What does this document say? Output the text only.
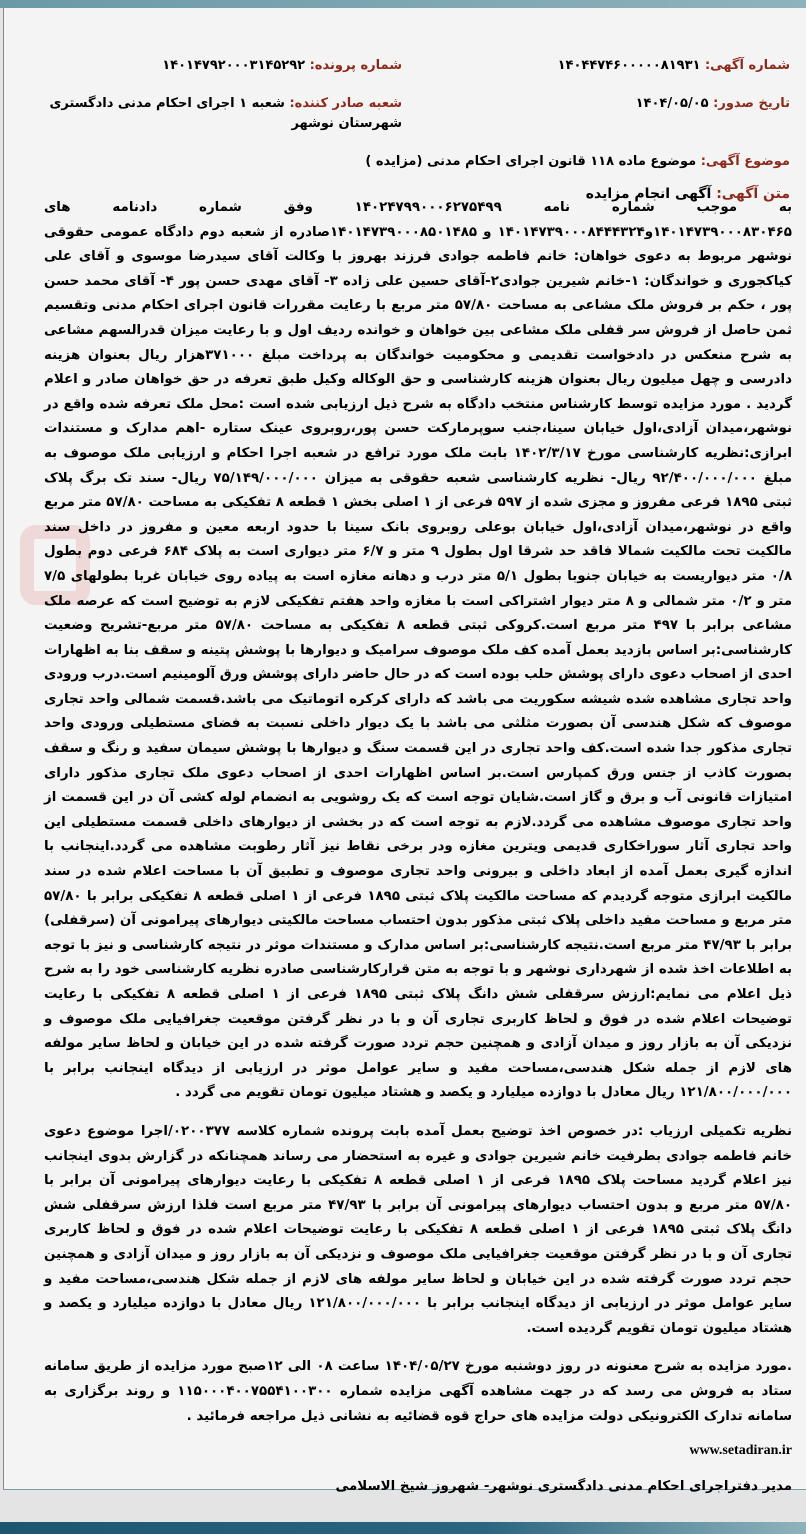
شماره آگهی: ۱۴۰۴۴۷۴۶۰۰۰۰۰۸۱۹۳۱
شماره پرونده: ۱۴۰۱۴۷۹۲۰۰۰۳۱۴۵۲۹۲
تاریخ صدور: ۱۴۰۴/۰۵/۰۵
شعبه صادر کننده: شعبه ۱ اجرای احکام مدنی دادگستری شهرستان نوشهر
موضوع آگهی: موضوع ماده ۱۱۸ قانون اجرای احکام مدنی (مزایده )
متن آگهی: آگهی انجام مزایده

به موجب شماره نامه ۱۴۰۲۴۷۹۹۰۰۰۶۲۷۵۴۹۹ وفق شماره دادنامه های ۱۴۰۱۴۷۳۹۰۰۰۸۳۰۴۶۵و۱۴۰۱۴۷۳۹۰۰۰۸۴۴۴۳۲۴ و ۱۴۰۱۴۷۳۹۰۰۰۸۵۰۱۴۸۵صادره از شعبه دوم دادگاه عمومی حقوقی نوشهر مربوط به دعوی خواهان: خانم فاطمه جوادی فرزند بهروز با وکالت آقای سیدرضا موسوی و آقای علی کیاکجوری و خواندگان: ۱-خانم شیرین جوادی۲-آقای حسین علی زاده ۳- آقای مهدی حسن پور ۴- آقای محمد حسن پور ، حکم بر فروش ملک مشاعی به مساحت ۵۷/۸۰ متر مربع با رعایت مقررات قانون اجرای احکام مدنی وتقسیم ثمن حاصل از فروش سر قفلی ملک مشاعی بین خواهان و خوانده ردیف اول و با رعایت میزان قدرالسهم مشاعی به شرح منعکس در دادخواست تقدیمی و محکومیت خواندگان به پرداخت مبلغ ۳۷۱۰۰۰هزار ریال بعنوان هزینه دادرسی و چهل میلیون ریال بعنوان هزینه کارشناسی و حق الوکاله وکیل طبق تعرفه در حق خواهان صادر و اعلام گردید . مورد مزایده توسط کارشناس منتخب دادگاه به شرح ذیل ارزیابی شده است :محل ملک تعرفه شده واقع در نوشهر،میدان آزادی،اول خیابان سینا،جنب سوپرمارکت حسن پور،روبروی عینک ستاره -اهم مدارک و مستندات ابرازی:نظریه کارشناسی مورخ ۱۴۰۲/۳/۱۷ بابت ملک مورد ترافع در شعبه اجرا احکام و ارزیابی ملک موصوف به مبلغ ۹۲/۴۰۰/۰۰۰/۰۰۰ ریال- نظریه کارشناسی شعبه حقوقی به میزان ۷۵/۱۴۹/۰۰۰/۰۰۰ ریال- سند تک برگ پلاک ثبتی ۱۸۹۵ فرعی مفروز و مجزی شده از ۵۹۷ فرعی از ۱ اصلی بخش ۱ قطعه ۸ تفکیکی به مساحت ۵۷/۸۰ متر مربع واقع در نوشهر،میدان آزادی،اول خیابان بوعلی روبروی بانک سینا با حدود اربعه معین و مفروز در داخل سند مالکیت تحت مالکیت شمالا فاقد حد شرقا اول بطول ۹ متر و ۶/۷ متر دیواری است به پلاک ۶۸۴ فرعی دوم بطول ۰/۸ متر دیواریست به خیابان جنوبا بطول ۵/۱ متر درب و دهانه مغازه است به پیاده روی خیابان غربا بطولهای ۷/۵ متر و ۰/۲ متر شمالی و ۸ متر دیوار اشتراکی است با مغازه واحد هفتم تفکیکی لازم به توضیح است که عرصه ملک مشاعی برابر با ۴۹۷ متر مربع است.کروکی ثبتی قطعه ۸ تفکیکی به مساحت ۵۷/۸۰ متر مربع-تشریح وضعیت کارشناسی:بر اساس بازدید بعمل آمده کف ملک موصوف سرامیک و دیوارها با پوشش پتینه و سقف بنا به اظهارات احدی از اصحاب دعوی دارای پوشش حلب بوده است که در حال حاضر دارای پوشش ورق آلومینیم است.درب ورودی واحد تجاری مشاهده شده شیشه سکوریت می باشد که دارای کرکره اتوماتیک می باشد.قسمت شمالی واحد تجاری موصوف که شکل هندسی آن بصورت مثلثی می باشد با یک دیوار داخلی نسبت به فضای مستطیلی ورودی واحد تجاری مذکور جدا شده است.کف واحد تجاری در این قسمت سنگ و دیوارها با پوشش سیمان سفید و رنگ و سقف بصورت کاذب از جنس ورق کمپارس است.بر اساس اظهارات احدی از اصحاب دعوی ملک تجاری مذکور دارای امتیازات قانونی آب و برق و گاز است.شایان توجه است که یک روشویی به انضمام لوله کشی آن در این قسمت از واحد تجاری موصوف مشاهده می گردد.لازم به توجه است که در بخشی از دیوارهای داخلی قسمت مستطیلی این واحد تجاری آثار سوراخکاری قدیمی ویترین مغازه ودر برخی نقاط نیز آثار رطوبت مشاهده می گردد.اینجانب با اندازه گیری بعمل آمده از ابعاد داخلی و بیرونی واحد تجاری موصوف و تطبیق آن با مساحت اعلام شده در سند مالکیت ابرازی متوجه گردیدم که مساحت مالکیت پلاک ثبتی ۱۸۹۵ فرعی از ۱ اصلی قطعه ۸ تفکیکی برابر با ۵۷/۸۰ متر مربع و مساحت مفید داخلی پلاک ثبتی مذکور بدون احتساب مساحت مالکیتی دیوارهای پیرامونی آن (سرقفلی) برابر با ۴۷/۹۳ متر مربع است.نتیجه کارشناسی:بر اساس مدارک و مستندات موثر در نتیجه کارشناسی و نیز با توجه به اطلاعات اخذ شده از شهرداری نوشهر و با توجه به متن قرارکارشناسی صادره نظریه کارشناسی خود را به شرح ذیل اعلام می نمایم:ارزش سرقفلی شش دانگ پلاک ثبتی ۱۸۹۵ فرعی از ۱ اصلی قطعه ۸ تفکیکی با رعایت توضیحات اعلام شده در فوق و لحاظ کاربری تجاری آن و با در نظر گرفتن موقعیت جغرافیایی ملک موصوف و نزدیکی آن به بازار روز و میدان آزادی و همچنین حجم تردد صورت گرفته شده در این خیابان و لحاظ سایر مولفه های لازم از جمله شکل هندسی،مساحت مفید و سایر عوامل موثر در ارزیابی از دیدگاه اینجانب برابر با ۱۲۱/۸۰۰/۰۰۰/۰۰۰ ریال معادل با دوازده میلیارد و یکصد و هشتاد میلیون تومان تقویم می گردد .

نظریه تکمیلی ارزیاب :در خصوص اخذ توضیح بعمل آمده بابت پرونده شماره کلاسه ۰۲۰۰۳۷۷/اجرا موضوع دعوی خانم فاطمه جوادی بطرفیت خانم شیرین جوادی و غیره به استحضار می رساند همچنانکه در گزارش بدوی اینجانب نیز اعلام گردید مساحت پلاک ۱۸۹۵ فرعی از ۱ اصلی قطعه ۸ تفکیکی با رعایت دیوارهای پیرامونی آن برابر با ۵۷/۸۰ متر مربع و بدون احتساب دیوارهای پیرامونی آن برابر با ۴۷/۹۳ متر مربع است فلذا ارزش سرقفلی شش دانگ پلاک ثبتی ۱۸۹۵ فرعی از ۱ اصلی قطعه ۸ تفکیکی با رعایت توضیحات اعلام شده در فوق و لحاظ کاربری تجاری آن و با در نظر گرفتن موقعیت جغرافیایی ملک موصوف و نزدیکی آن به بازار روز و میدان آزادی و همچنین حجم تردد صورت گرفته شده در این خیابان و لحاظ سایر مولفه های لازم از جمله شکل هندسی،مساحت مفید و سایر عوامل موثر در ارزیابی از دیدگاه اینجانب برابر با ۱۲۱/۸۰۰/۰۰۰/۰۰۰ ریال معادل با دوازده میلیارد و یکصد و هشتاد میلیون تومان تقویم گردیده است.

.مورد مزایده به شرح معنونه در روز دوشنبه مورخ ۱۴۰۴/۰۵/۲۷ ساعت ۰۸ الی ۱۲صبح مورد مزایده از طریق سامانه ستاد به فروش می رسد که در جهت مشاهده آگهی مزایده شماره ۱۱۵‌۰۰۰‌۴۰۰‌۷۵۵‌۴۱۰۰۳۰۰ و روند برگزاری به سامانه تدارک الکترونیکی دولت مزایده های حراج قوه قضائیه به نشانی ذیل مراجعه فرمائید .

www.setadiran.ir
مدیر دفتراجرای احکام مدنی دادگستری نوشهر- شهروز شیخ الاسلامی
